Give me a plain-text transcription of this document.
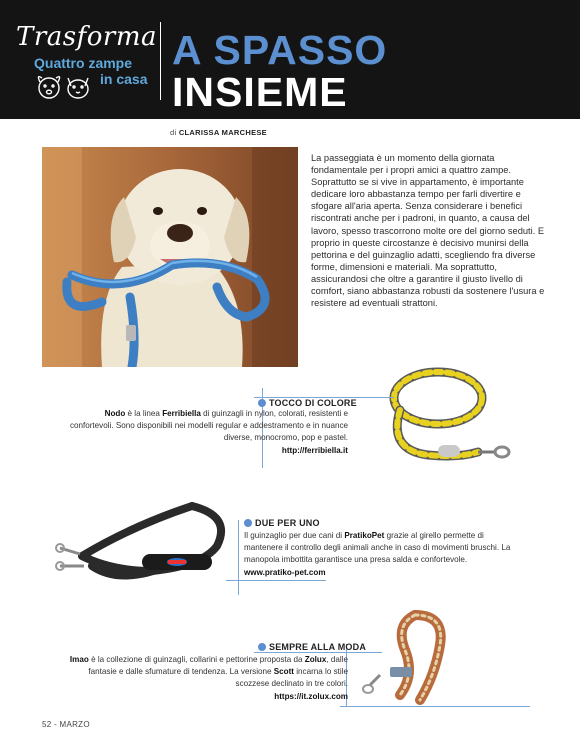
Trasforma
Quattro zampe
in casa
A SPASSO
INSIEME
di CLARISSA MARCHESE

La passeggiata è un momento della giornata fondamentale per i propri amici a quattro zampe. Soprattutto se si vive in appartamento, è importante dedicare loro abbastanza tempo per farli divertire e sfogare all'aria aperta. Senza considerare i benefici riscontrati anche per i padroni, in quanto, a causa del lavoro, spesso trascorrono molte ore del giorno seduti. E proprio in queste circostanze è decisivo munirsi della pettorina e del guinzaglio adatti, scegliendo fra diverse forme, dimensioni e materiali. Ma soprattutto, assicurandosi che oltre a garantire il giusto livello di comfort, siano abbastanza robusti da sostenere l'usura e resistere ad eventuali strattoni.

TOCCO DI COLORE
Nodo è la linea Ferribiella di guinzagli in nylon, colorati, resistenti e confortevoli. Sono disponibili nei modelli regular e addestramento e in nuance diverse, monocromo, pop e pastel.
http://ferribiella.it
DUE PER UNO
Il guinzaglio per due cani di PratikoPet grazie al girello permette di mantenere il controllo degli animali anche in caso di movimenti bruschi. La manopola imbottita garantisce una presa salda e confortevole.
www.pratiko-pet.com
SEMPRE ALLA MODA
Imao è la collezione di guinzagli, collarini e pettorine proposta da Zolux, dalle fantasie e dalle sfumature di tendenza. La versione Scott incarna lo stile scozzese declinato in tre colori.
https://it.zolux.com
52 - MARZO
